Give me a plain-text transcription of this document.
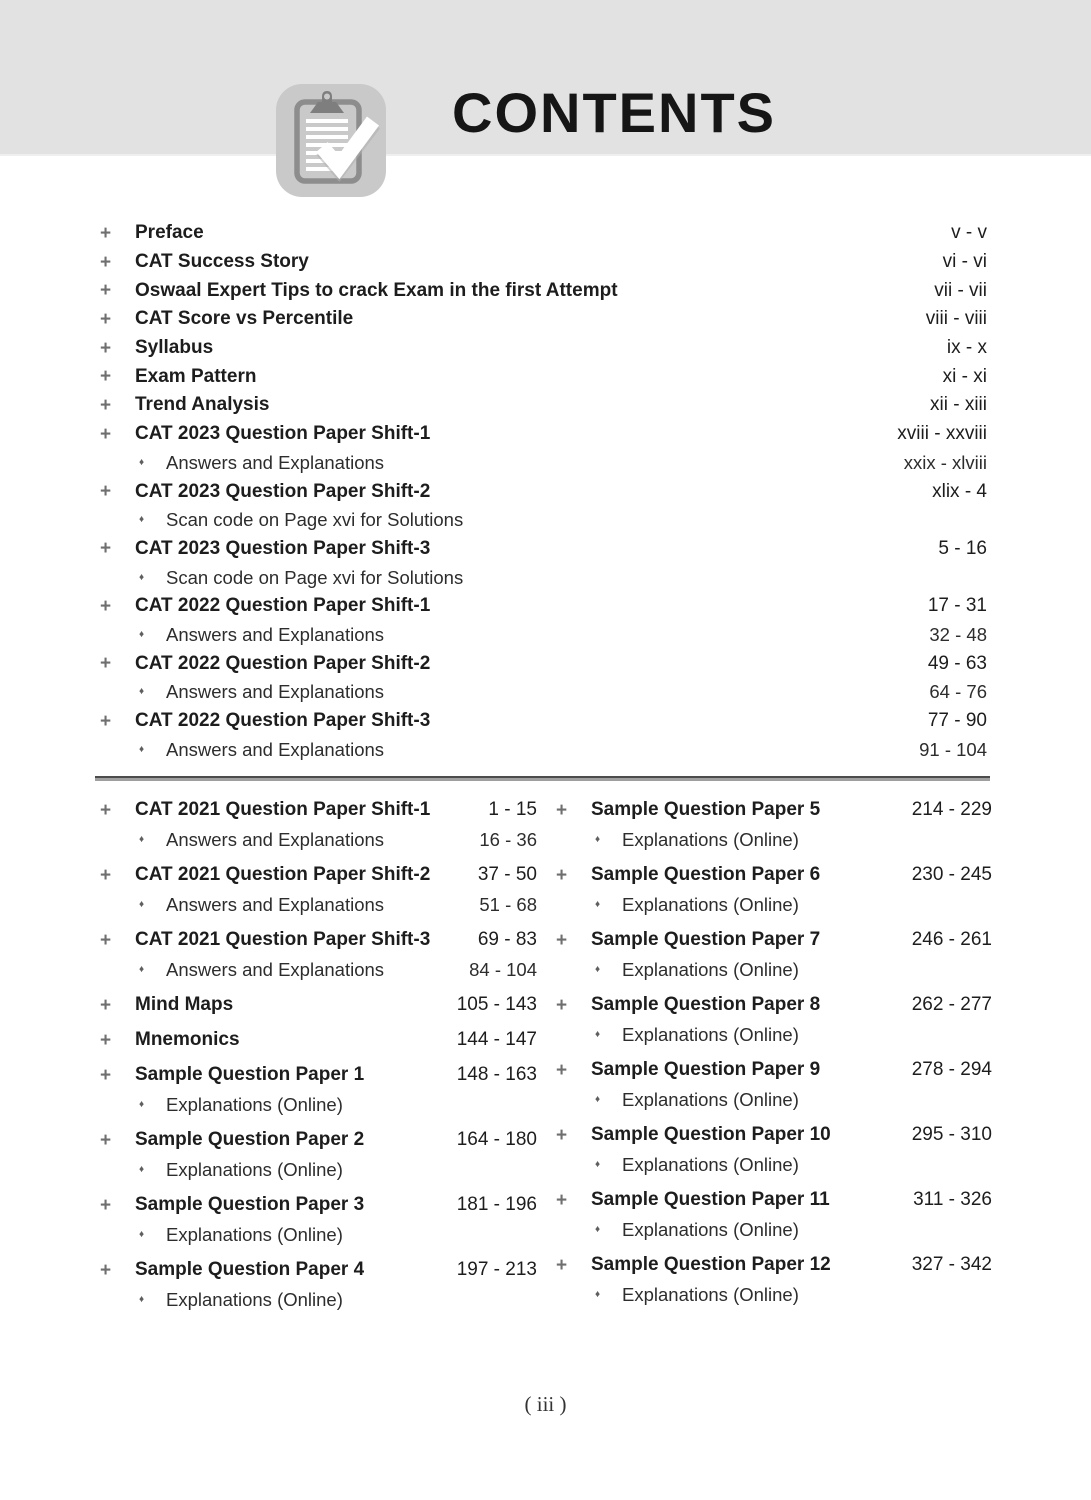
CONTENTS
+	Preface	v - v
+	CAT Success Story	vi - vi
+	Oswaal Expert Tips to crack Exam in the first Attempt	vii - vii
+	CAT Score vs Percentile	viii - viii
+	Syllabus	ix - x
+	Exam Pattern	xi - xi
+	Trend Analysis	xii - xiii
+	CAT 2023 Question Paper Shift-1	xviii - xxviii
♦	Answers and Explanations	xxix - xlviii
+	CAT 2023 Question Paper Shift-2	xlix - 4
♦	Scan code on Page xvi for Solutions
+	CAT 2023 Question Paper Shift-3	5 - 16
♦	Scan code on Page xvi for Solutions
+	CAT 2022 Question Paper Shift-1	17 - 31
♦	Answers and Explanations	32 - 48
+	CAT 2022 Question Paper Shift-2	49 - 63
♦	Answers and Explanations	64 - 76
+	CAT 2022 Question Paper Shift-3	77 - 90
♦	Answers and Explanations	91 - 104
+	CAT 2021 Question Paper Shift-1	1 - 15
♦	Answers and Explanations	16 - 36
+	CAT 2021 Question Paper Shift-2	37 - 50
♦	Answers and Explanations	51 - 68
+	CAT 2021 Question Paper Shift-3	69 - 83
♦	Answers and Explanations	84 - 104
+	Mind Maps	105 - 143
+	Mnemonics	144 - 147
+	Sample Question Paper 1	148 - 163
♦	Explanations (Online)
+	Sample Question Paper 2	164 - 180
♦	Explanations (Online)
+	Sample Question Paper 3	181 - 196
♦	Explanations (Online)
+	Sample Question Paper 4	197 - 213
♦	Explanations (Online)
+	Sample Question Paper 5	214 - 229
♦	Explanations (Online)
+	Sample Question Paper 6	230 - 245
♦	Explanations (Online)
+	Sample Question Paper 7	246 - 261
♦	Explanations (Online)
+	Sample Question Paper 8	262 - 277
♦	Explanations (Online)
+	Sample Question Paper 9	278 - 294
♦	Explanations (Online)
+	Sample Question Paper 10	295 - 310
♦	Explanations (Online)
+	Sample Question Paper 11	311 - 326
♦	Explanations (Online)
+	Sample Question Paper 12	327 - 342
♦	Explanations (Online)
( iii )
